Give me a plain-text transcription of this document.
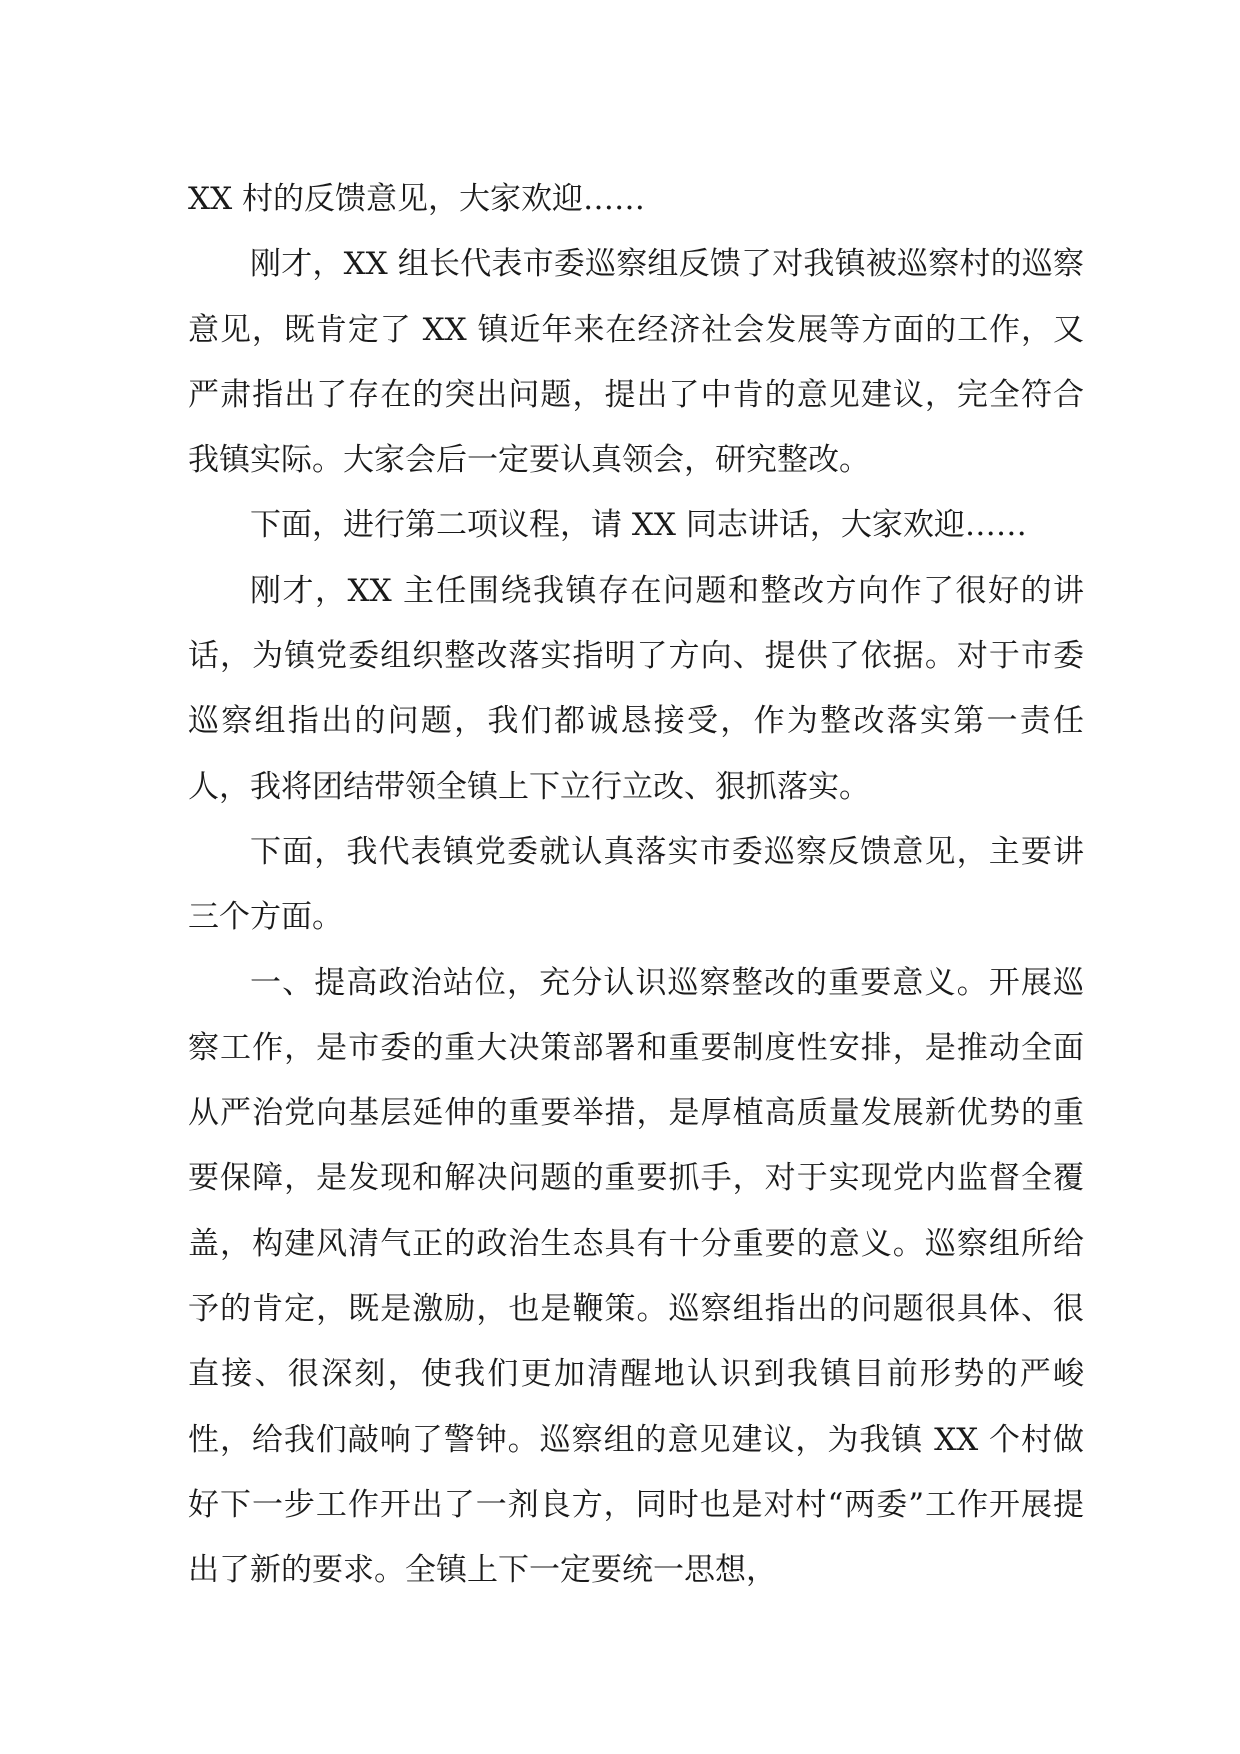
XX 村的反馈意见，大家欢迎……

刚才，XX 组长代表市委巡察组反馈了对我镇被巡察村的巡察意见，既肯定了 XX 镇近年来在经济社会发展等方面的工作，又严肃指出了存在的突出问题，提出了中肯的意见建议，完全符合我镇实际。大家会后一定要认真领会，研究整改。

下面，进行第二项议程，请 XX 同志讲话，大家欢迎……

刚才，XX 主任围绕我镇存在问题和整改方向作了很好的讲话，为镇党委组织整改落实指明了方向、提供了依据。对于市委巡察组指出的问题，我们都诚恳接受，作为整改落实第一责任人，我将团结带领全镇上下立行立改、狠抓落实。

下面，我代表镇党委就认真落实市委巡察反馈意见，主要讲三个方面。

一、提高政治站位，充分认识巡察整改的重要意义。开展巡察工作，是市委的重大决策部署和重要制度性安排，是推动全面从严治党向基层延伸的重要举措，是厚植高质量发展新优势的重要保障，是发现和解决问题的重要抓手，对于实现党内监督全覆盖，构建风清气正的政治生态具有十分重要的意义。巡察组所给予的肯定，既是激励，也是鞭策。巡察组指出的问题很具体、很直接、很深刻，使我们更加清醒地认识到我镇目前形势的严峻性，给我们敲响了警钟。巡察组的意见建议，为我镇 XX 个村做好下一步工作开出了一剂良方，同时也是对村“两委”工作开展提出了新的要求。全镇上下一定要统一思想，
